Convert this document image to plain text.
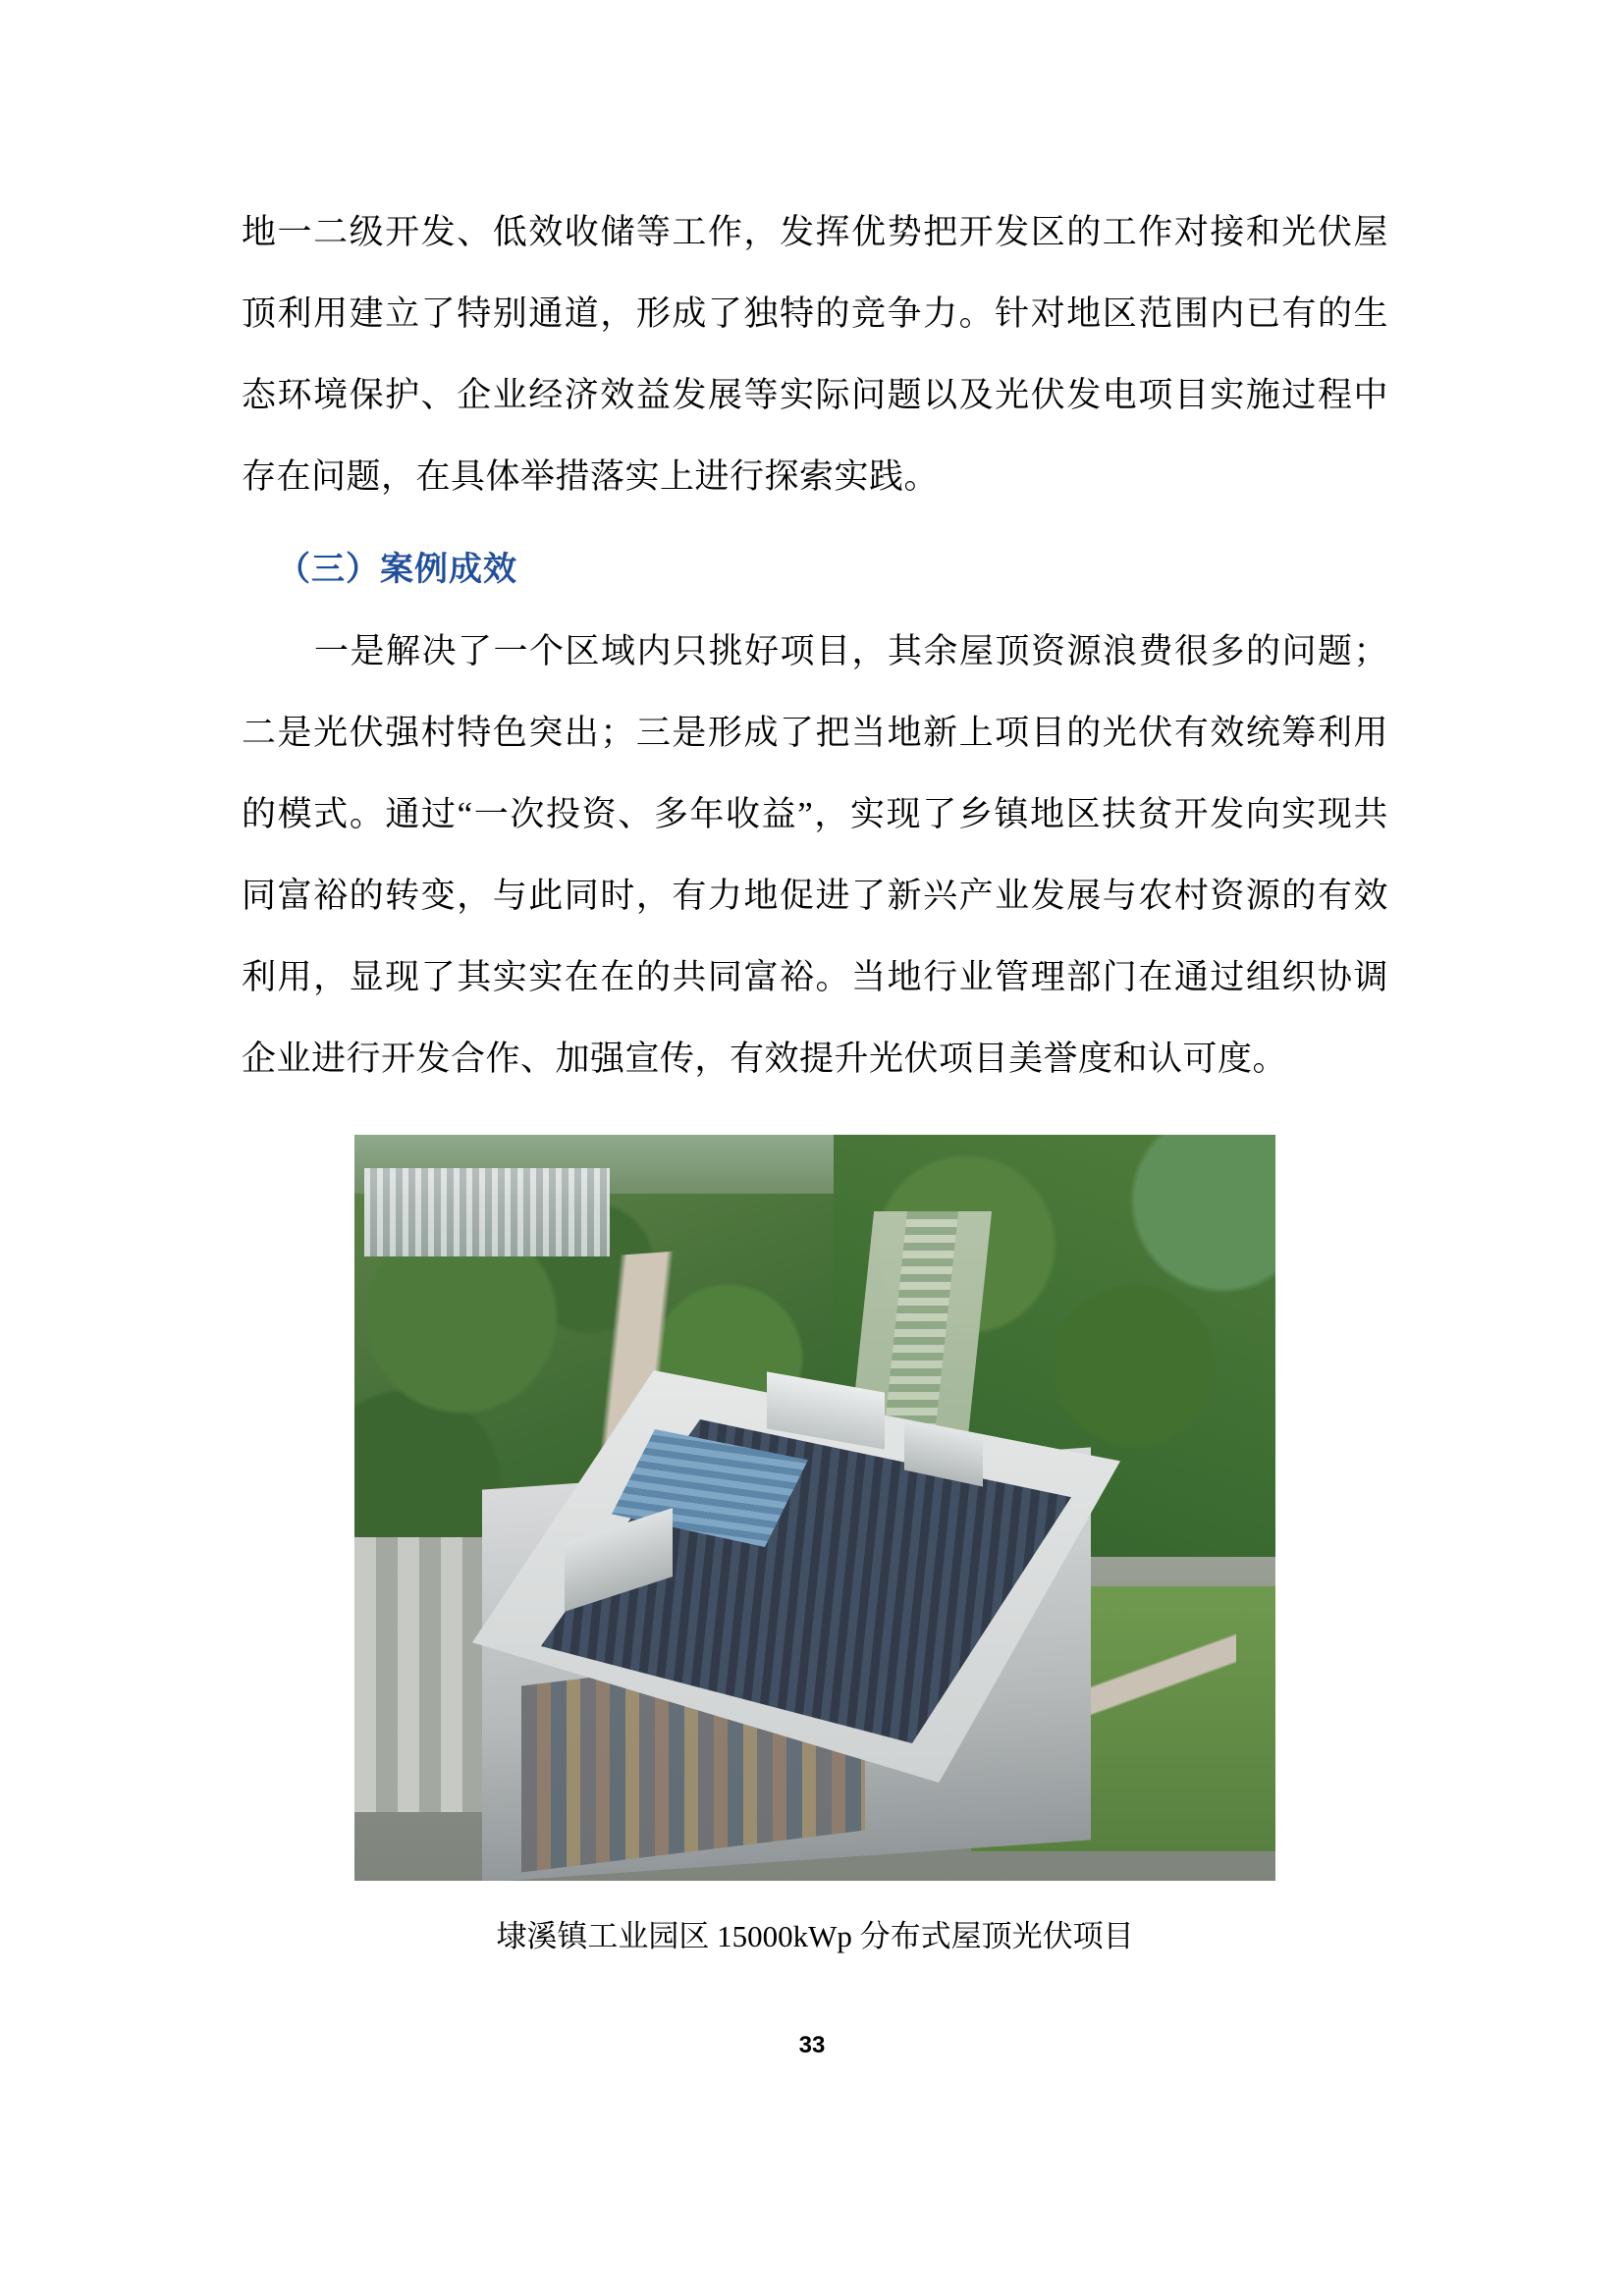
地一二级开发、低效收储等工作，发挥优势把开发区的工作对接和光伏屋顶利用建立了特别通道，形成了独特的竞争力。针对地区范围内已有的生态环境保护、企业经济效益发展等实际问题以及光伏发电项目实施过程中存在问题，在具体举措落实上进行探索实践。

（三）案例成效

一是解决了一个区域内只挑好项目，其余屋顶资源浪费很多的问题；二是光伏强村特色突出；三是形成了把当地新上项目的光伏有效统筹利用的模式。通过“一次投资、多年收益”，实现了乡镇地区扶贫开发向实现共同富裕的转变，与此同时，有力地促进了新兴产业发展与农村资源的有效利用，显现了其实实在在的共同富裕。当地行业管理部门在通过组织协调企业进行开发合作、加强宣传，有效提升光伏项目美誉度和认可度。

埭溪镇工业园区 15000kWp 分布式屋顶光伏项目
33
